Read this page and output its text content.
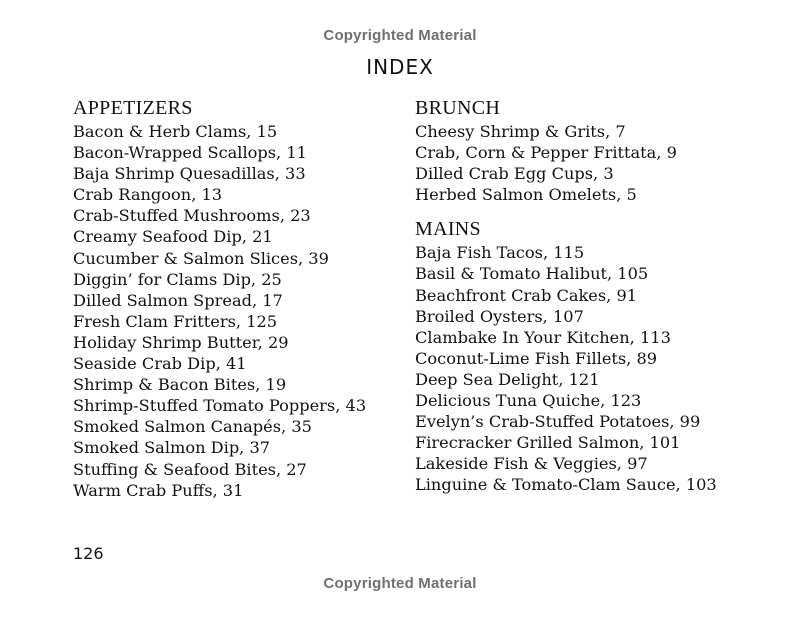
Copyrighted Material
INDEX
APPETIZERS
Bacon & Herb Clams, 15
Bacon-Wrapped Scallops, 11
Baja Shrimp Quesadillas, 33
Crab Rangoon, 13
Crab-Stuffed Mushrooms, 23
Creamy Seafood Dip, 21
Cucumber & Salmon Slices, 39
Diggin’ for Clams Dip, 25
Dilled Salmon Spread, 17
Fresh Clam Fritters, 125
Holiday Shrimp Butter, 29
Seaside Crab Dip, 41
Shrimp & Bacon Bites, 19
Shrimp-Stuffed Tomato Poppers, 43
Smoked Salmon Canapés, 35
Smoked Salmon Dip, 37
Stuffing & Seafood Bites, 27
Warm Crab Puffs, 31
BRUNCH
Cheesy Shrimp & Grits, 7
Crab, Corn & Pepper Frittata, 9
Dilled Crab Egg Cups, 3
Herbed Salmon Omelets, 5
MAINS
Baja Fish Tacos, 115
Basil & Tomato Halibut, 105
Beachfront Crab Cakes, 91
Broiled Oysters, 107
Clambake In Your Kitchen, 113
Coconut-Lime Fish Fillets, 89
Deep Sea Delight, 121
Delicious Tuna Quiche, 123
Evelyn’s Crab-Stuffed Potatoes, 99
Firecracker Grilled Salmon, 101
Lakeside Fish & Veggies, 97
Linguine & Tomato-Clam Sauce, 103
126
Copyrighted Material
